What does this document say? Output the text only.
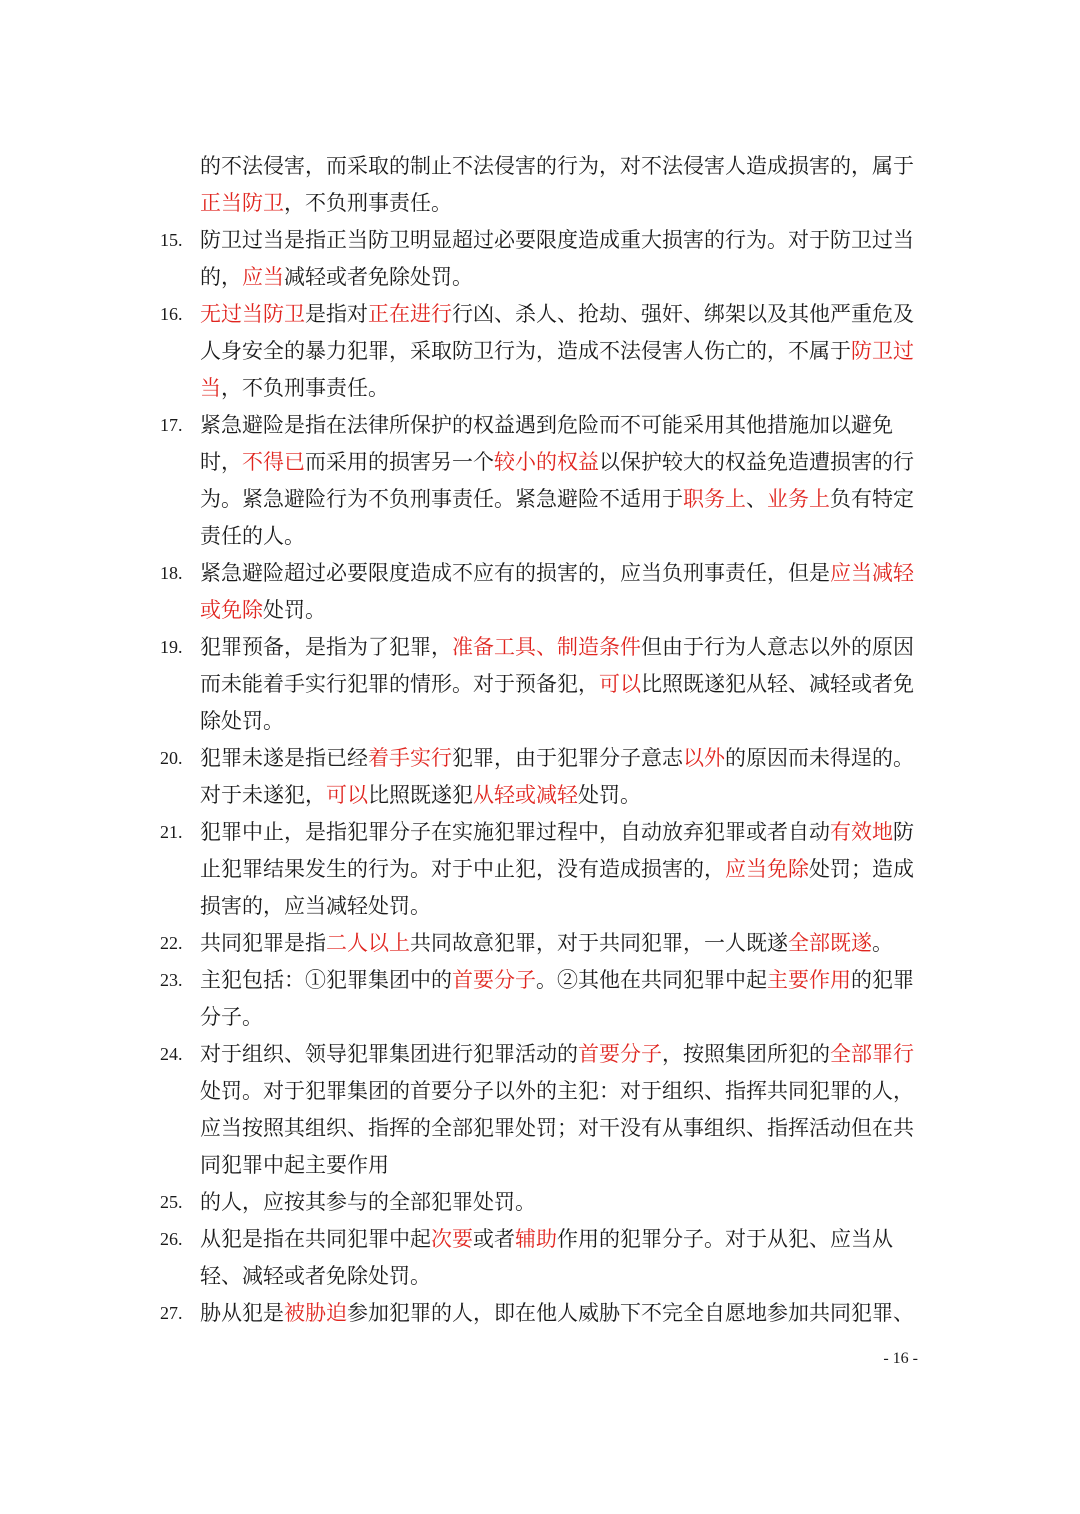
的不法侵害，而采取的制止不法侵害的行为，对不法侵害人造成损害的，属于正当防卫，不负刑事责任。
15. 防卫过当是指正当防卫明显超过必要限度造成重大损害的行为。对于防卫过当的，应当减轻或者免除处罚。
16. 无过当防卫是指对正在进行行凶、杀人、抢劫、强奸、绑架以及其他严重危及人身安全的暴力犯罪，采取防卫行为，造成不法侵害人伤亡的，不属于防卫过当，不负刑事责任。
17. 紧急避险是指在法律所保护的权益遇到危险而不可能采用其他措施加以避免时，不得已而采用的损害另一个较小的权益以保护较大的权益免造遭损害的行为。紧急避险行为不负刑事责任。紧急避险不适用于职务上、业务上负有特定责任的人。
18. 紧急避险超过必要限度造成不应有的损害的，应当负刑事责任，但是应当减轻或免除处罚。
19. 犯罪预备，是指为了犯罪，准备工具、制造条件但由于行为人意志以外的原因而未能着手实行犯罪的情形。对于预备犯，可以比照既遂犯从轻、减轻或者免除处罚。
20. 犯罪未遂是指已经着手实行犯罪，由于犯罪分子意志以外的原因而未得逞的。对于未遂犯，可以比照既遂犯从轻或减轻处罚。
21. 犯罪中止，是指犯罪分子在实施犯罪过程中，自动放弃犯罪或者自动有效地防止犯罪结果发生的行为。对于中止犯，没有造成损害的，应当免除处罚；造成损害的，应当减轻处罚。
22. 共同犯罪是指二人以上共同故意犯罪，对于共同犯罪，一人既遂全部既遂。
23. 主犯包括：①犯罪集团中的首要分子。②其他在共同犯罪中起主要作用的犯罪分子。
24. 对于组织、领导犯罪集团进行犯罪活动的首要分子，按照集团所犯的全部罪行处罚。对于犯罪集团的首要分子以外的主犯：对于组织、指挥共同犯罪的人，应当按照其组织、指挥的全部犯罪处罚；对干没有从事组织、指挥活动但在共同犯罪中起主要作用
25. 的人，应按其参与的全部犯罪处罚。
26. 从犯是指在共同犯罪中起次要或者辅助作用的犯罪分子。对于从犯、应当从轻、减轻或者免除处罚。
27. 胁从犯是被胁迫参加犯罪的人，即在他人威胁下不完全自愿地参加共同犯罪、
- 16 -
